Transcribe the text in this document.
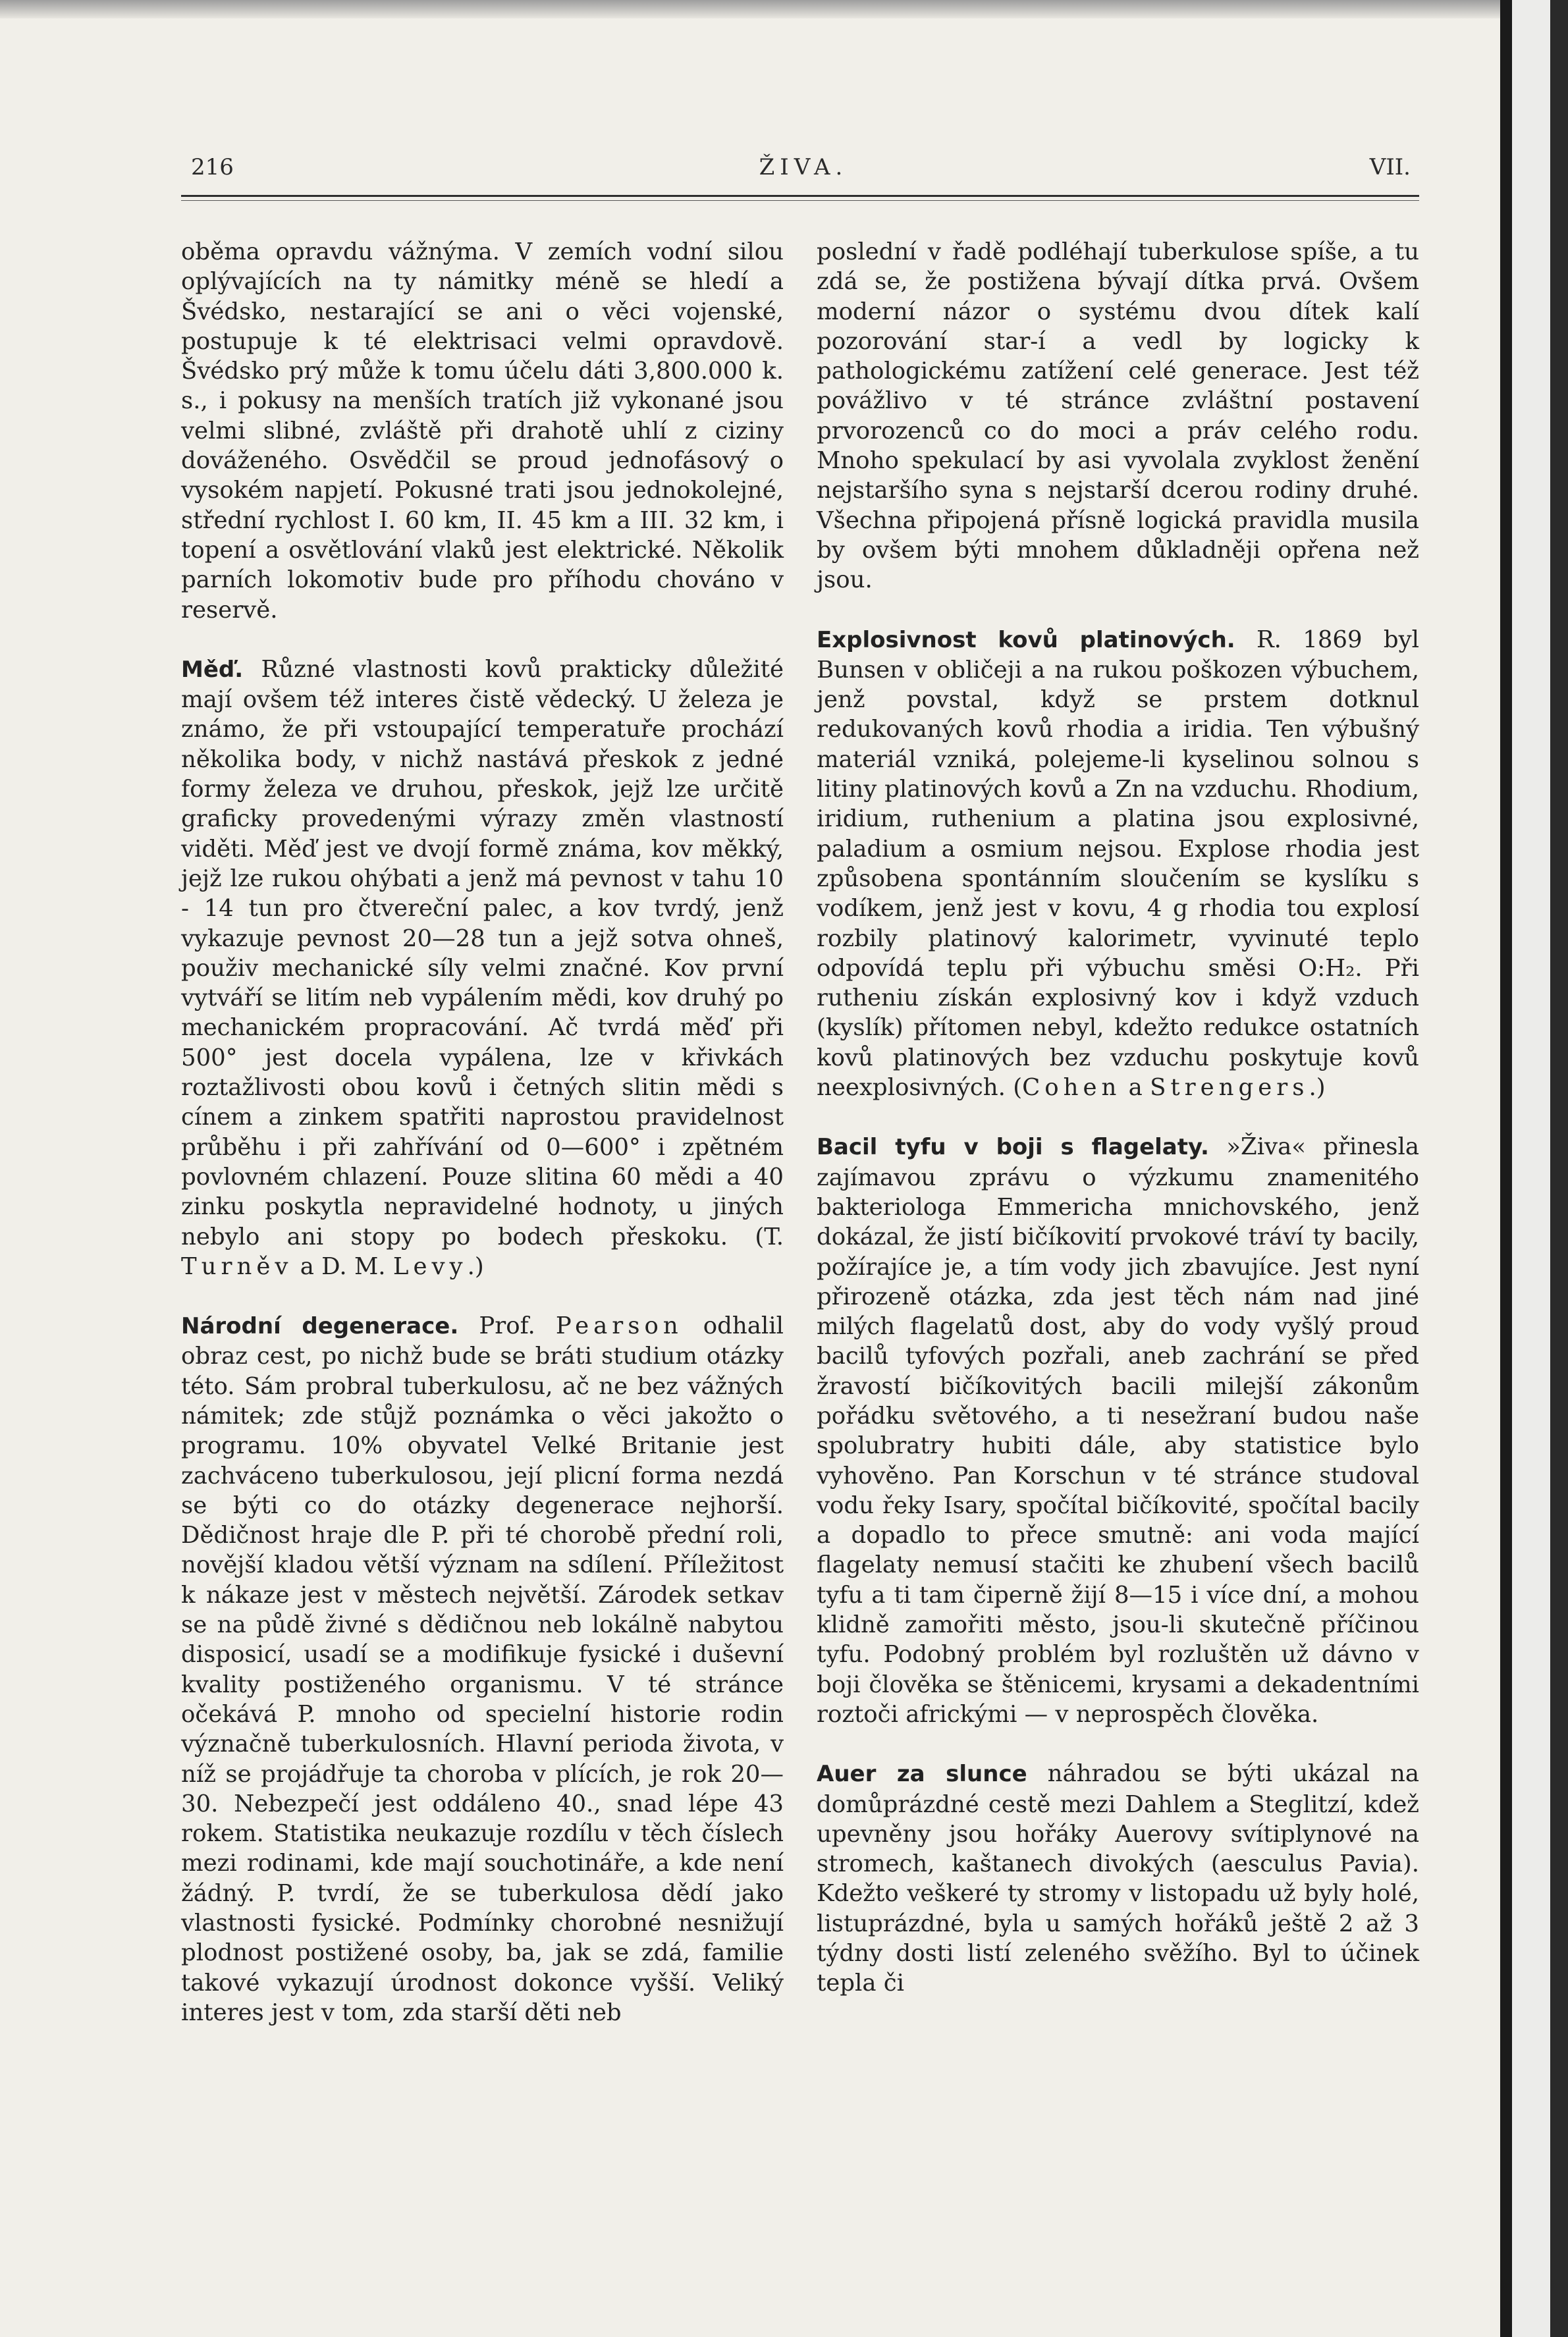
216	ŽIVA.	VII.

oběma opravdu vážnýma. V zemích vodní silou oplývajících na ty námitky méně se hledí a Švédsko, nestarající se ani o věci vojenské, postupuje k té elektrisaci velmi opravdově. Švédsko prý může k tomu účelu dáti 3,800.000 k. s., i pokusy na menších tratích již vykonané jsou velmi slibné, zvláště při drahotě uhlí z ciziny dováženého. Osvědčil se proud jednofásový o vysokém napjetí. Pokusné trati jsou jednokolejné, střední rychlost I. 60 km, II. 45 km a III. 32 km, i topení a osvětlování vlaků jest elektrické. Několik parních lokomotiv bude pro příhodu chováno v reservě.

Měď. Různé vlastnosti kovů prakticky důležité mají ovšem též interes čistě vědecký. U železa je známo, že při vstoupající temperatuře prochází několika body, v nichž nastává přeskok z jedné formy železa ve druhou, přeskok, jejž lze určitě graficky provedenými výrazy změn vlastností viděti. Měď jest ve dvojí formě známa, kov měkký, jejž lze rukou ohýbati a jenž má pevnost v tahu 10 - 14 tun pro čtvereční palec, a kov tvrdý, jenž vykazuje pevnost 20—28 tun a jejž sotva ohneš, použiv mechanické síly velmi značné. Kov první vytváří se litím neb vypálením mědi, kov druhý po mechanickém propracování. Ač tvrdá měď při 500° jest docela vypálena, lze v křivkách roztažlivosti obou kovů i četných slitin mědi s cínem a zinkem spatřiti naprostou pravidelnost průběhu i při zahřívání od 0—600° i zpětném povlovném chlazení. Pouze slitina 60 mědi a 40 zinku poskytla nepravidelné hodnoty, u jiných nebylo ani stopy po bodech přeskoku. (T. Turněv a D. M. Levy.)

Národní degenerace. Prof. Pearson odhalil obraz cest, po nichž bude se bráti studium otázky této. Sám probral tuberkulosu, ač ne bez vážných námitek; zde stůjž poznámka o věci jakožto o programu. 10% obyvatel Velké Britanie jest zachváceno tuberkulosou, její plicní forma nezdá se býti co do otázky degenerace nejhorší. Dědičnost hraje dle P. při té chorobě přední roli, novější kladou větší význam na sdílení. Příležitost k nákaze jest v městech největší. Zárodek setkav se na půdě živné s dědičnou neb lokálně nabytou disposicí, usadí se a modifikuje fysické i duševní kvality postiženého organismu. V té stránce očekává P. mnoho od specielní historie rodin význačně tuberkulosních. Hlavní perioda života, v níž se projádřuje ta choroba v plících, je rok 20—30. Nebezpečí jest oddáleno 40., snad lépe 43 rokem. Statistika neukazuje rozdílu v těch číslech mezi rodinami, kde mají souchotináře, a kde není žádný. P. tvrdí, že se tuberkulosa dědí jako vlastnosti fysické. Podmínky chorobné nesnižují plodnost postižené osoby, ba, jak se zdá, familie takové vykazují úrodnost dokonce vyšší. Veliký interes jest v tom, zda starší děti neb

poslední v řadě podléhají tuberkulose spíše, a tu zdá se, že postižena bývají dítka prvá. Ovšem moderní názor o systému dvou dítek kalí pozorování star-í a vedl by logicky k pathologickému zatížení celé generace. Jest též povážlivo v té stránce zvláštní postavení prvorozenců co do moci a práv celého rodu. Mnoho spekulací by asi vyvolala zvyklost ženění nejstaršího syna s nejstarší dcerou rodiny druhé. Všechna připojená přísně logická pravidla musila by ovšem býti mnohem důkladněji opřena než jsou.

Explosivnost kovů platinových. R. 1869 byl Bunsen v obličeji a na rukou poškozen výbuchem, jenž povstal, když se prstem dotknul redukovaných kovů rhodia a iridia. Ten výbušný materiál vzniká, polejeme-li kyselinou solnou s litiny platinových kovů a Zn na vzduchu. Rhodium, iridium, ruthenium a platina jsou explosivné, paladium a osmium nejsou. Explose rhodia jest způsobena spontánním sloučením se kyslíku s vodíkem, jenž jest v kovu, 4 g rhodia tou explosí rozbily platinový kalorimetr, vyvinuté teplo odpovídá teplu při výbuchu směsi O:H₂. Při rutheniu získán explosivný kov i když vzduch (kyslík) přítomen nebyl, kdežto redukce ostatních kovů platinových bez vzduchu poskytuje kovů neexplosivných. (Cohen a Strengers.)

Bacil tyfu v boji s flagelaty. »Živa« přinesla zajímavou zprávu o výzkumu znamenitého bakteriologa Emmericha mnichovského, jenž dokázal, že jistí bičíkovití prvokové tráví ty bacily, požírajíce je, a tím vody jich zbavujíce. Jest nyní přirozeně otázka, zda jest těch nám nad jiné milých flagelatů dost, aby do vody vyšlý proud bacilů tyfových pozřali, aneb zachrání se před žravostí bičíkovitých bacili milejší zákonům pořádku světového, a ti nesežraní budou naše spolubratry hubiti dále, aby statistice bylo vyhověno. Pan Korschun v té stránce studoval vodu řeky Isary, spočítal bičíkovité, spočítal bacily a dopadlo to přece smutně: ani voda mající flagelaty nemusí stačiti ke zhubení všech bacilů tyfu a ti tam čiperně žijí 8—15 i více dní, a mohou klidně zamořiti město, jsou-li skutečně příčinou tyfu. Podobný problém byl rozluštěn už dávno v boji člověka se štěnicemi, krysami a dekadentními roztoči africkými — v neprospěch člověka.

Auer za slunce náhradou se býti ukázal na domůprázdné cestě mezi Dahlem a Steglitzí, kdež upevněny jsou hořáky Auerovy svítiplynové na stromech, kaštanech divokých (aesculus Pavia). Kdežto veškeré ty stromy v listopadu už byly holé, listuprázdné, byla u samých hořáků ještě 2 až 3 týdny dosti listí zeleného svěžího. Byl to účinek tepla či
